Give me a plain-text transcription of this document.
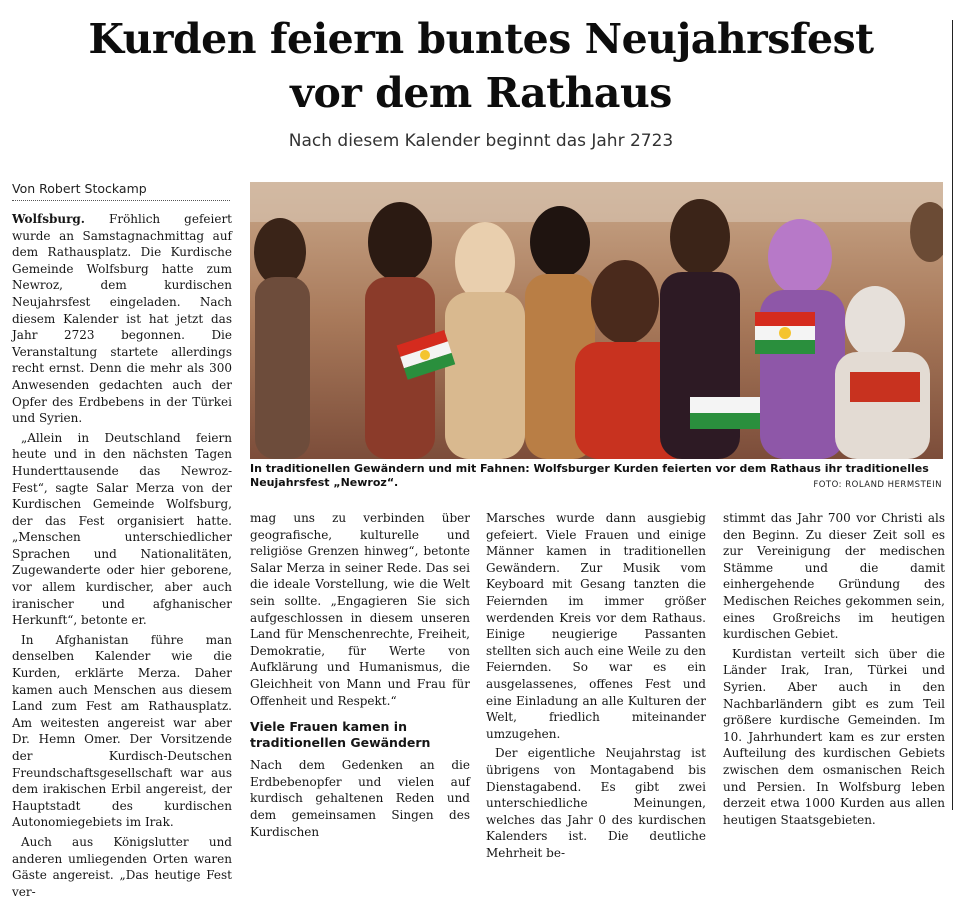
Kurden feiern buntes Neujahrsfest
vor dem Rathaus
Nach diesem Kalender beginnt das Jahr 2723
Von Robert Stockamp

Wolfsburg. Fröhlich gefeiert wurde an Samstagnachmittag auf dem Rathausplatz. Die Kurdische Gemeinde Wolfsburg hatte zum Newroz, dem kurdischen Neujahrsfest eingeladen. Nach diesem Kalender ist hat jetzt das Jahr 2723 begonnen. Die Veranstaltung startete allerdings recht ernst. Denn die mehr als 300 Anwesenden gedachten auch der Opfer des Erdbebens in der Türkei und Syrien.

„Allein in Deutschland feiern heute und in den nächsten Tagen Hunderttausende das Newroz-Fest“, sagte Salar Merza von der Kurdischen Gemeinde Wolfsburg, der das Fest organisiert hatte. „Menschen unterschiedlicher Sprachen und Nationalitäten, Zugewanderte oder hier geborene, vor allem kurdischer, aber auch iranischer und afghanischer Herkunft“, betonte er.

In Afghanistan führe man denselben Kalender wie die Kurden, erklärte Merza. Daher kamen auch Menschen aus diesem Land zum Fest am Rathausplatz. Am weitesten angereist war aber Dr. Hemn Omer. Der Vorsitzende der Kurdisch-Deutschen Freundschaftsgesellschaft war aus dem irakischen Erbil angereist, der Hauptstadt des kurdischen Autonomiegebiets im Irak.

Auch aus Königslutter und anderen umliegenden Orten waren Gäste angereist. „Das heutige Fest ver-

In traditionellen Gewändern und mit Fahnen: Wolfsburger Kurden feierten vor dem Rathaus ihr traditionelles Neujahrsfest „Newroz“.	FOTO: ROLAND HERMSTEIN

mag uns zu verbinden über geografische, kulturelle und religiöse Grenzen hinweg“, betonte Salar Merza in seiner Rede. Das sei die ideale Vorstellung, wie die Welt sein sollte. „Engagieren Sie sich aufgeschlossen in diesem unseren Land für Menschenrechte, Freiheit, Demokratie, für Werte von Aufklärung und Humanismus, die Gleichheit von Mann und Frau für Offenheit und Respekt.“

Viele Frauen kamen in traditionellen Gewändern

Nach dem Gedenken an die Erdbebenopfer und vielen auf kurdisch gehaltenen Reden und dem gemeinsamen Singen des Kurdischen

Marsches wurde dann ausgiebig gefeiert. Viele Frauen und einige Männer kamen in traditionellen Gewändern. Zur Musik vom Keyboard mit Gesang tanzten die Feiernden im immer größer werdenden Kreis vor dem Rathaus. Einige neugierige Passanten stellten sich auch eine Weile zu den Feiernden. So war es ein ausgelassenes, offenes Fest und eine Einladung an alle Kulturen der Welt, friedlich miteinander umzugehen.

Der eigentliche Neujahrstag ist übrigens von Montagabend bis Dienstagabend. Es gibt zwei unterschiedliche Meinungen, welches das Jahr 0 des kurdischen Kalenders ist. Die deutliche Mehrheit be-

stimmt das Jahr 700 vor Christi als den Beginn. Zu dieser Zeit soll es zur Vereinigung der medischen Stämme und die damit einhergehende Gründung des Medischen Reiches gekommen sein, eines Großreichs im heutigen kurdischen Gebiet.

Kurdistan verteilt sich über die Länder Irak, Iran, Türkei und Syrien. Aber auch in den Nachbarländern gibt es zum Teil größere kurdische Gemeinden. Im 10. Jahrhundert kam es zur ersten Aufteilung des kurdischen Gebiets zwischen dem osmanischen Reich und Persien. In Wolfsburg leben derzeit etwa 1000 Kurden aus allen heutigen Staatsgebieten.
